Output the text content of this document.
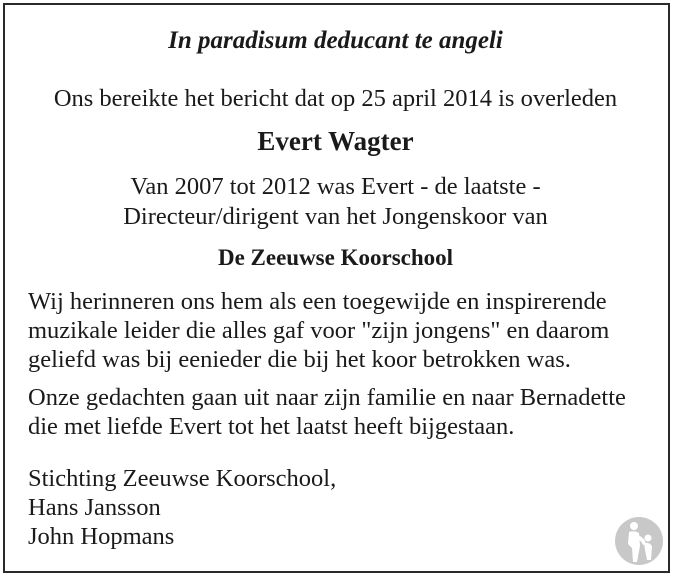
In paradisum deducant te angeli
Ons bereikte het bericht dat op 25 april 2014 is overleden
Evert Wagter
Van 2007 tot 2012 was Evert - de laatste -
Directeur/dirigent van het Jongenskoor van
De Zeeuwse Koorschool
Wij herinneren ons hem als een toegewijde en inspirerende
muzikale leider die alles gaf voor "zijn jongens" en daarom
geliefd was bij eenieder die bij het koor betrokken was.
Onze gedachten gaan uit naar zijn familie en naar Bernadette
die met liefde Evert tot het laatst heeft bijgestaan.
Stichting Zeeuwse Koorschool,
Hans Jansson
John Hopmans
